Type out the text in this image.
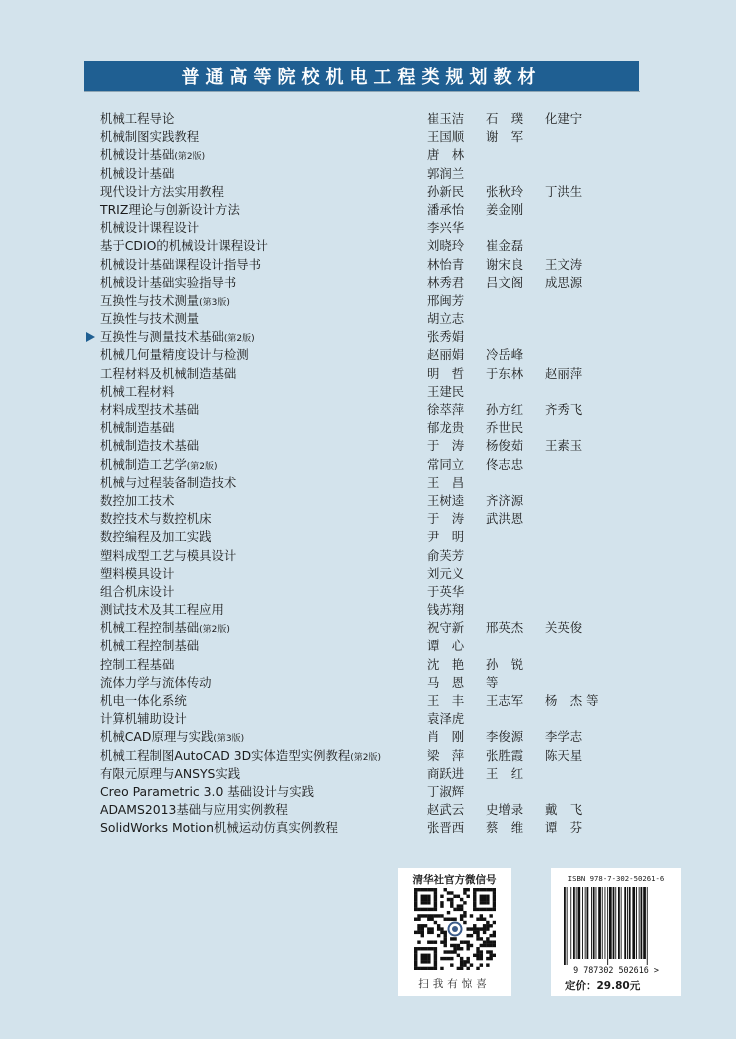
普通高等院校机电工程类规划教材
机械工程导论	崔玉洁 石　璞 化建宁
机械制图实践教程	王国顺 谢　军
机械设计基础(第2版)	唐　林
机械设计基础	郭润兰
现代设计方法实用教程	孙新民 张秋玲 丁洪生
TRIZ理论与创新设计方法	潘承怡 姜金刚
机械设计课程设计	李兴华
基于CDIO的机械设计课程设计	刘晓玲 崔金磊
机械设计基础课程设计指导书	林怡青 谢宋良 王文涛
机械设计基础实验指导书	林秀君 吕文阁 成思源
互换性与技术测量(第3版)	邢闽芳
互换性与技术测量	胡立志
互换性与测量技术基础(第2版)	张秀娟
机械几何量精度设计与检测	赵丽娟 冷岳峰
工程材料及机械制造基础	明　哲 于东林 赵丽萍
机械工程材料	王建民
材料成型技术基础	徐萃萍 孙方红 齐秀飞
机械制造基础	郁龙贵 乔世民
机械制造技术基础	于　涛 杨俊茹 王素玉
机械制造工艺学(第2版)	常同立 佟志忠
机械与过程装备制造技术	王　昌
数控加工技术	王树逵 齐济源
数控技术与数控机床	于　涛 武洪恩
数控编程及加工实践	尹　明
塑料成型工艺与模具设计	俞芙芳
塑料模具设计	刘元义
组合机床设计	于英华
测试技术及其工程应用	钱苏翔
机械工程控制基础(第2版)	祝守新 邢英杰 关英俊
机械工程控制基础	谭　心
控制工程基础	沈　艳 孙　锐
流体力学与流体传动	马　恩 等
机电一体化系统	王　丰 王志军 杨　杰 等
计算机辅助设计	袁泽虎
机械CAD原理与实践(第3版)	肖　刚 李俊源 李学志
机械工程制图AutoCAD 3D实体造型实例教程(第2版)	梁　萍 张胜霞 陈天星
有限元原理与ANSYS实践	商跃进 王　红
Creo Parametric 3.0 基础设计与实践	丁淑辉
ADAMS2013基础与应用实例教程	赵武云 史增录 戴　飞
SolidWorks Motion机械运动仿真实例教程	张晋西 蔡　维 谭　芬
清华社官方微信号
扫我有惊喜
ISBN 978-7-302-50261-6
9 787302 502616 >
定价：29.80元
